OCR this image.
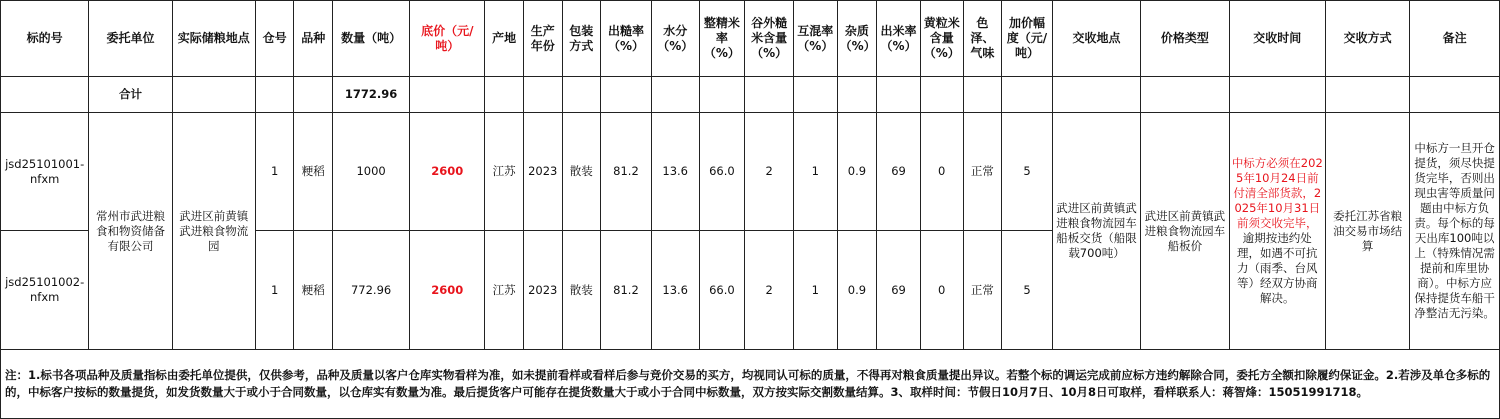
标的号	委托单位	实际储粮地点	仓号	品种	数量（吨）	底价（元/吨）	产地	生产年份	包装方式	出糙率（%）	水分（%）	整精米率（%）	谷外糙米含量（%）	互混率（%）	杂质（%）	出米率（%）	黄粒米含量（%）	色泽、气味	加价幅度（元/吨）	交收地点	价格类型	交收时间	交收方式	备注
	合计				1772.96																			
jsd25101001-nfxm	常州市武进粮食和物资储备有限公司	武进区前黄镇武进粮食物流园	1	粳稻	1000	2600	江苏	2023	散装	81.2	13.6	66.0	2	1	0.9	69	0	正常	5	武进区前黄镇武进粮食物流园车船板交货（船限载700吨）	武进区前黄镇武进粮食物流园车船板价	中标方必须在2025年10月24日前付清全部货款，2025年10月31日前须交收完毕，逾期按违约处理，如遇不可抗力（雨季、台风等）经双方协商解决。	委托江苏省粮油交易市场结算	中标方一旦开仓提货，须尽快提货完毕，否则出现虫害等质量问题由中标方负责。每个标的每天出库100吨以上（特殊情况需提前和库里协商）。中标方应保持提货车船干净整洁无污染。
jsd25101002-nfxm			1	粳稻	772.96	2600	江苏	2023	散装	81.2	13.6	66.0	2	1	0.9	69	0	正常	5					
注：1.标书各项品种及质量指标由委托单位提供，仅供参考，品种及质量以客户仓库实物看样为准，如未提前看样或看样后参与竞价交易的买方，均视同认可标的质量，不得再对粮食质量提出异议。若整个标的调运完成前应标方违约解除合同，委托方全额扣除履约保证金。2.若涉及单仓多标的的，中标客户按标的数量提货，如发货数量大于或小于合同数量，以仓库实有数量为准。最后提货客户可能存在提货数量大于或小于合同中标数量，双方按实际交割数量结算。3、取样时间：节假日10月7日、10月8日可取样，看样联系人：蒋智烽：15051991718。																								
